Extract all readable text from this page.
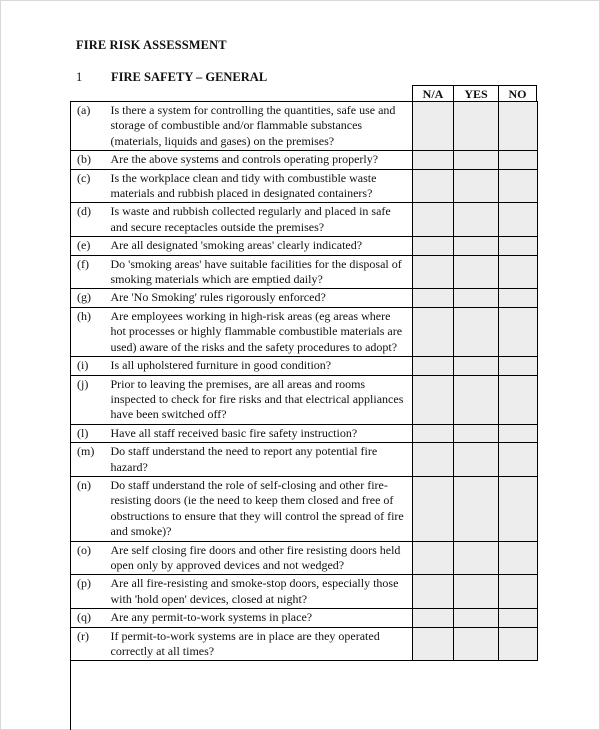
FIRE RISK ASSESSMENT
1 FIRE SAFETY – GENERAL
N/A	YES	NO
(a)	Is there a system for controlling the quantities, safe use and storage of combustible and/or flammable substances (materials, liquids and gases) on the premises?			
(b)	Are the above systems and controls operating properly?			
(c)	Is the workplace clean and tidy with combustible waste materials and rubbish placed in designated containers?			
(d)	Is waste and rubbish collected regularly and placed in safe and secure receptacles outside the premises?			
(e)	Are all designated 'smoking areas' clearly indicated?			
(f)	Do 'smoking areas' have suitable facilities for the disposal of smoking materials which are emptied daily?			
(g)	Are 'No Smoking' rules rigorously enforced?			
(h)	Are employees working in high-risk areas (eg areas where hot processes or highly flammable combustible materials are used) aware of the risks and the safety procedures to adopt?			
(i)	Is all upholstered furniture in good condition?			
(j)	Prior to leaving the premises, are all areas and rooms inspected to check for fire risks and that electrical appliances have been switched off?			
(l)	Have all staff received basic fire safety instruction?			
(m)	Do staff understand the need to report any potential fire hazard?			
(n)	Do staff understand the role of self-closing and other fire-resisting doors (ie the need to keep them closed and free of obstructions to ensure that they will control the spread of fire and smoke)?			
(o)	Are self closing fire doors and other fire resisting doors held open only by approved devices and not wedged?			
(p)	Are all fire-resisting and smoke-stop doors, especially those with 'hold open' devices, closed at night?			
(q)	Are any permit-to-work systems in place?			
(r)	If permit-to-work systems are in place are they operated correctly at all times?			
